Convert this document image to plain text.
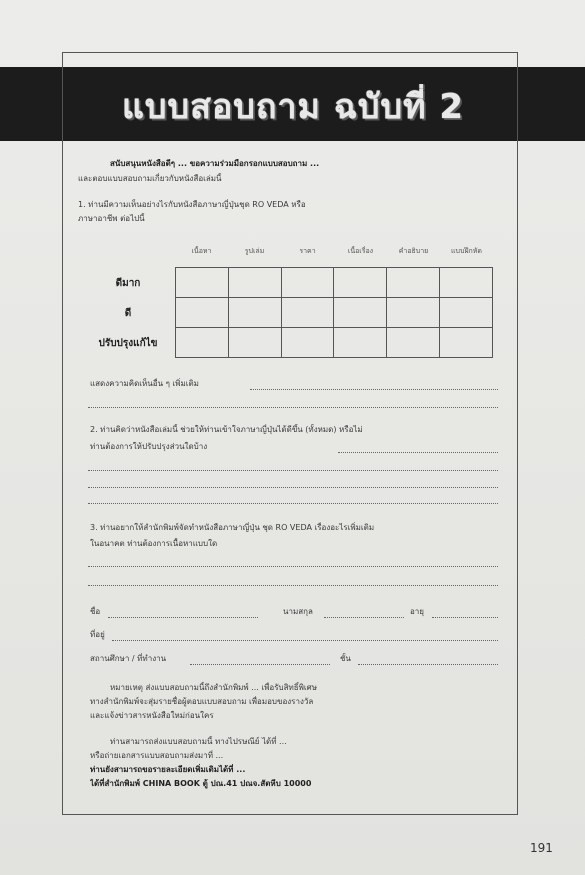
แบบสอบถาม ฉบับที่ 2
สนับสนุนหนังสือดีๆ ... ขอความร่วมมือกรอกแบบสอบถาม ...
และตอบแบบสอบถามเกี่ยวกับหนังสือเล่มนี้
1. ท่านมีความเห็นอย่างไรกับหนังสือภาษาญี่ปุ่นชุด RO VEDA หรือ
ภาษาอาชีพ ต่อไปนี้
เนื้อหา	รูปเล่ม	ราคา	เนื้อเรื่อง	คำอธิบาย	แบบฝึกหัด
ดีมาก
ดี
ปรับปรุงแก้ไข

แสดงความคิดเห็นอื่น ๆ เพิ่มเติม
2. ท่านคิดว่าหนังสือเล่มนี้ ช่วยให้ท่านเข้าใจภาษาญี่ปุ่นได้ดีขึ้น (ทั้งหมด) หรือไม่
ท่านต้องการให้ปรับปรุงส่วนใดบ้าง
3. ท่านอยากให้สำนักพิมพ์จัดทำหนังสือภาษาญี่ปุ่น ชุด RO VEDA เรื่องอะไรเพิ่มเติม
ในอนาคต ท่านต้องการเนื้อหาแบบใด
ชื่อ	นามสกุล	อายุ
ที่อยู่
สถานศึกษา / ที่ทำงาน	ชั้น
หมายเหตุ ส่งแบบสอบถามนี้ถึงสำนักพิมพ์ ... เพื่อรับสิทธิ์พิเศษ
ทางสำนักพิมพ์จะสุ่มรายชื่อผู้ตอบแบบสอบถาม เพื่อมอบของรางวัล
และแจ้งข่าวสารหนังสือใหม่ก่อนใคร
ท่านสามารถส่งแบบสอบถามนี้ ทางไปรษณีย์ ได้ที่ ...
หรือถ่ายเอกสารแบบสอบถามส่งมาที่ ...
ท่านยังสามารถขอรายละเอียดเพิ่มเติมได้ที่ ...
ได้ที่สำนักพิมพ์ CHINA BOOK ตู้ ปณ.41 ปณจ.สัตหีบ 10000
191
